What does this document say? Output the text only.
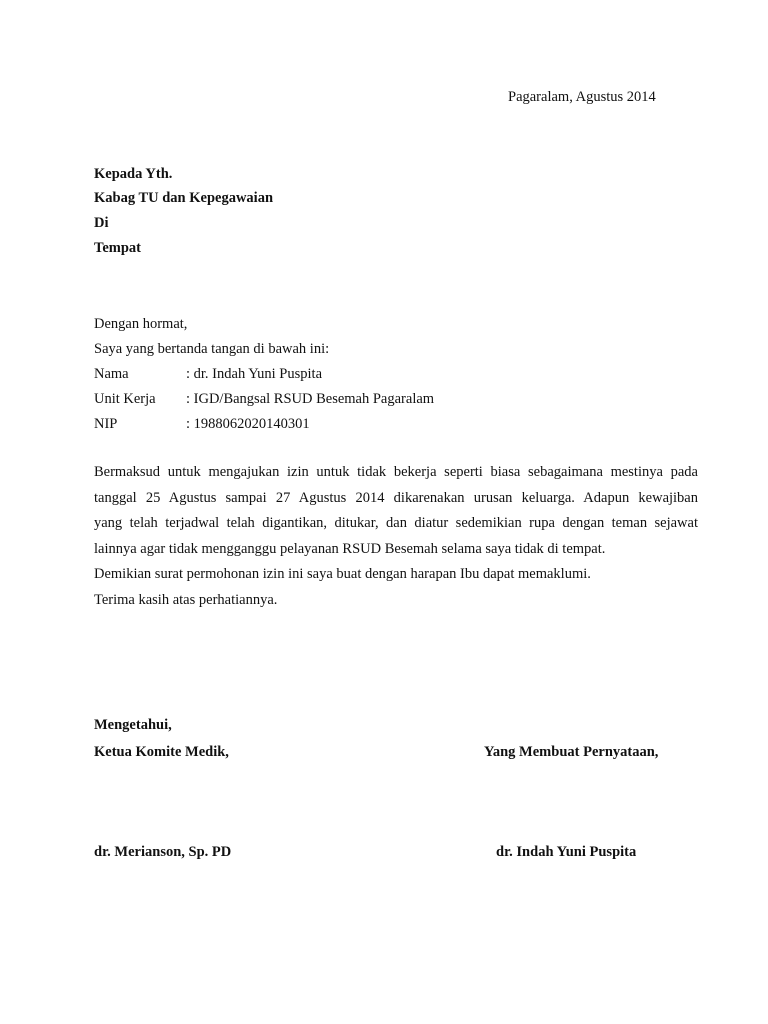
Pagaralam, Agustus 2014
Kepada Yth.
Kabag TU dan Kepegawaian
Di
Tempat
Dengan hormat,
Saya yang bertanda tangan di bawah ini:
Nama	: dr. Indah Yuni Puspita
Unit Kerja : IGD/Bangsal RSUD Besemah Pagaralam
NIP	: 1988062020140301
Bermaksud untuk mengajukan izin untuk tidak bekerja seperti biasa sebagaimana mestinya pada
tanggal 25 Agustus sampai 27 Agustus 2014 dikarenakan urusan keluarga. Adapun kewajiban
yang telah terjadwal telah digantikan, ditukar, dan diatur sedemikian rupa dengan teman sejawat
lainnya agar tidak mengganggu pelayanan RSUD Besemah selama saya tidak di tempat.
Demikian surat permohonan izin ini saya buat dengan harapan Ibu dapat memaklumi.
Terima kasih atas perhatiannya.
Mengetahui,
Ketua Komite Medik,	Yang Membuat Pernyataan,
dr. Merianson, Sp. PD	dr. Indah Yuni Puspita
